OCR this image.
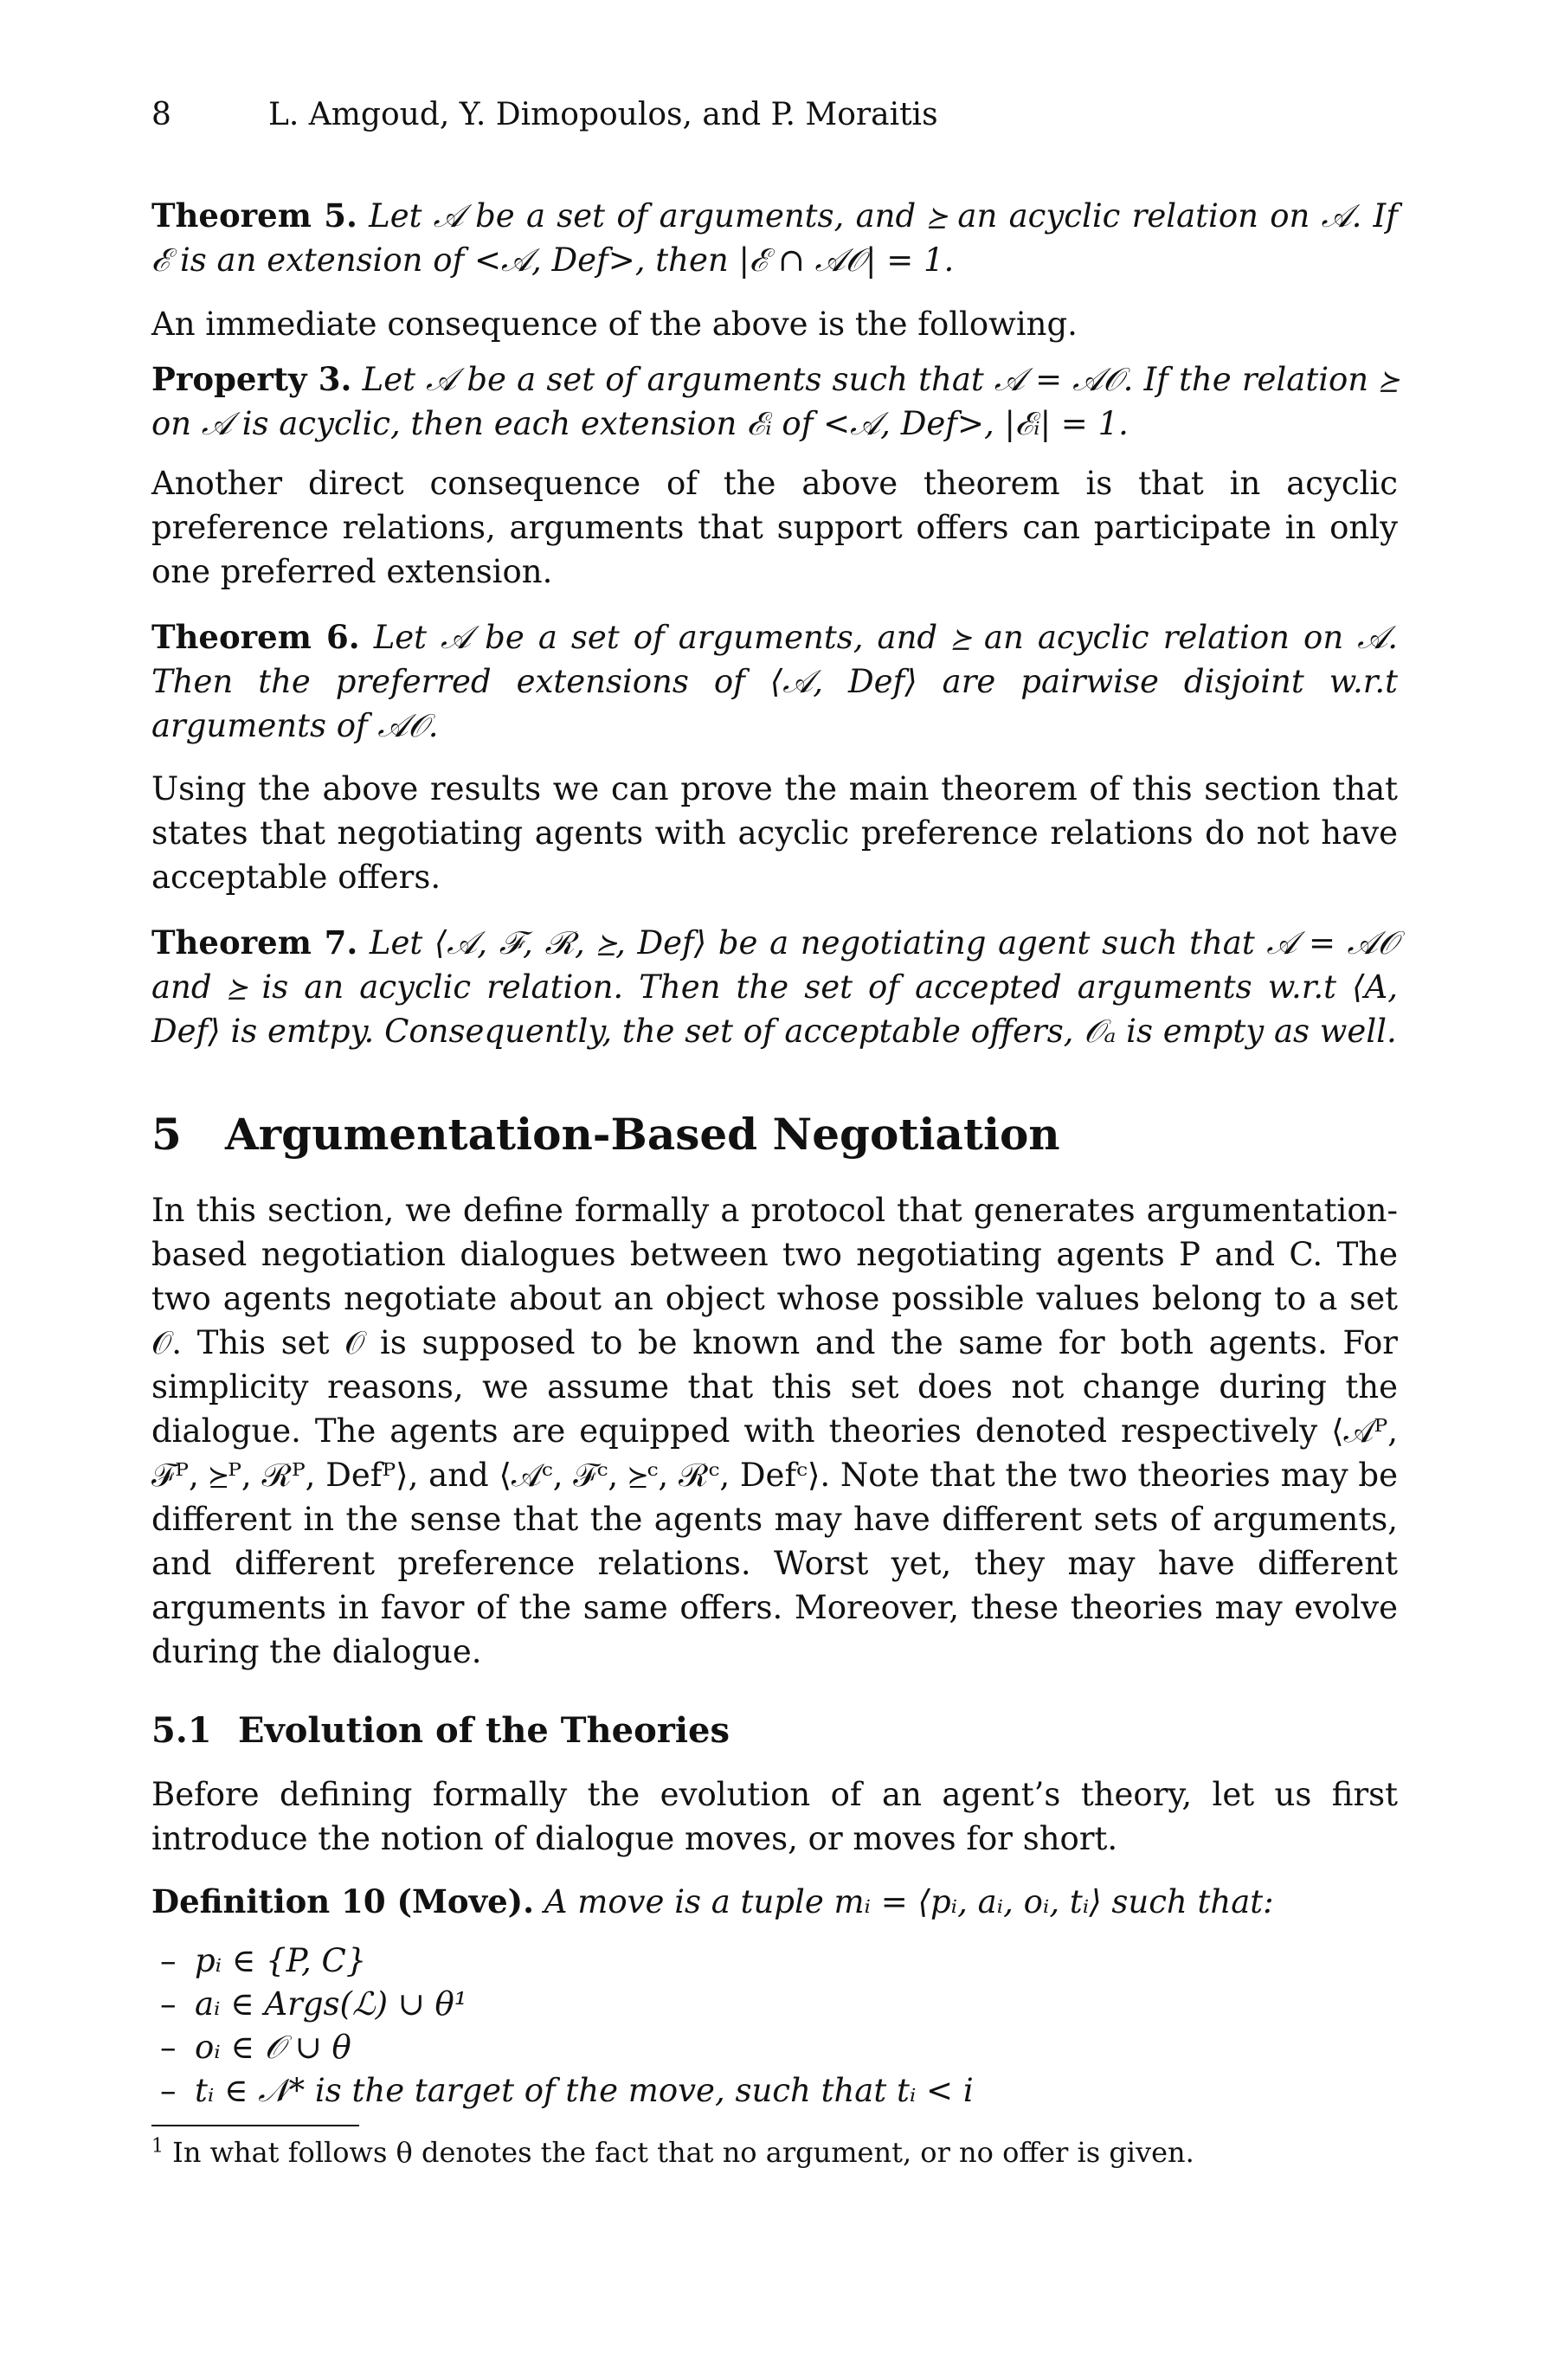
8	L. Amgoud, Y. Dimopoulos, and P. Moraitis

Theorem 5. Let 𝒜 be a set of arguments, and ⪰ an acyclic relation on 𝒜. If ℰ is an extension of <𝒜, Def>, then |ℰ ∩ 𝒜𝒪| = 1.

An immediate consequence of the above is the following.

Property 3. Let 𝒜 be a set of arguments such that 𝒜 = 𝒜𝒪. If the relation ⪰ on 𝒜 is acyclic, then each extension ℰᵢ of <𝒜, Def>, |ℰᵢ| = 1.

Another direct consequence of the above theorem is that in acyclic preference relations, arguments that support offers can participate in only one preferred extension.

Theorem 6. Let 𝒜 be a set of arguments, and ⪰ an acyclic relation on 𝒜. Then the preferred extensions of ⟨𝒜, Def⟩ are pairwise disjoint w.r.t arguments of 𝒜𝒪.

Using the above results we can prove the main theorem of this section that states that negotiating agents with acyclic preference relations do not have acceptable offers.

Theorem 7. Let ⟨𝒜, ℱ, ℛ, ⪰, Def⟩ be a negotiating agent such that 𝒜 = 𝒜𝒪 and ⪰ is an acyclic relation. Then the set of accepted arguments w.r.t ⟨A, Def⟩ is emtpy. Consequently, the set of acceptable offers, 𝒪ₐ is empty as well.

5 Argumentation-Based Negotiation

In this section, we define formally a protocol that generates argumentation-based negotiation dialogues between two negotiating agents P and C. The two agents negotiate about an object whose possible values belong to a set 𝒪. This set 𝒪 is supposed to be known and the same for both agents. For simplicity reasons, we assume that this set does not change during the dialogue. The agents are equipped with theories denoted respectively ⟨𝒜ᴾ, ℱᴾ, ⪰ᴾ, ℛᴾ, Defᴾ⟩, and ⟨𝒜ᶜ, ℱᶜ, ⪰ᶜ, ℛᶜ, Defᶜ⟩. Note that the two theories may be different in the sense that the agents may have different sets of arguments, and different preference relations. Worst yet, they may have different arguments in favor of the same offers. Moreover, these theories may evolve during the dialogue.

5.1 Evolution of the Theories

Before defining formally the evolution of an agent’s theory, let us first introduce the notion of dialogue moves, or moves for short.

Definition 10 (Move). A move is a tuple mᵢ = ⟨pᵢ, aᵢ, oᵢ, tᵢ⟩ such that:

– pᵢ ∈ {P, C}
– aᵢ ∈ Args(ℒ) ∪ θ¹
– oᵢ ∈ 𝒪 ∪ θ
– tᵢ ∈ 𝒩* is the target of the move, such that tᵢ < i

$^1$ In what follows θ denotes the fact that no argument, or no offer is given.
